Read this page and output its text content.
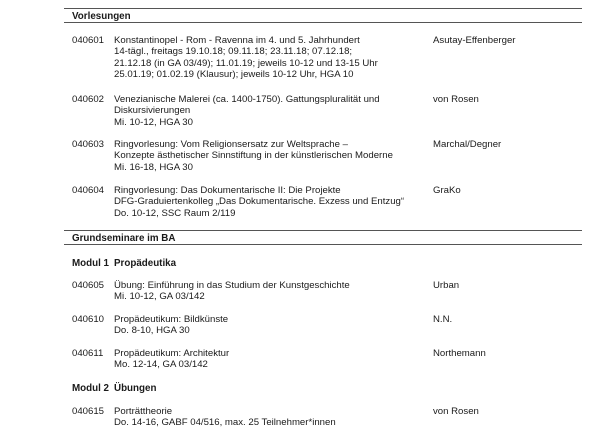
Vorlesungen
040601	Konstantinopel - Rom - Ravenna im 4. und 5. Jahrhundert
14-tägl., freitags 19.10.18; 09.11.18; 23.11.18; 07.12.18;
21.12.18 (in GA 03/49); 11.01.19; jeweils 10-12 und 13-15 Uhr
25.01.19; 01.02.19 (Klausur); jeweils 10-12 Uhr, HGA 10
Asutay-Effenberger
040602	Venezianische Malerei (ca. 1400-1750). Gattungspluralität und
Diskursivierungen
Mi. 10-12, HGA 30
von Rosen
040603	Ringvorlesung: Vom Religionsersatz zur Weltsprache –
Konzepte ästhetischer Sinnstiftung in der künstlerischen Moderne
Mi. 16-18, HGA 30
Marchal/Degner
040604	Ringvorlesung: Das Dokumentarische II: Die Projekte
DFG-Graduiertenkolleg „Das Dokumentarische. Exzess und Entzug“
Do. 10-12, SSC Raum 2/119
GraKo
Grundseminare im BA
Modul 1 Propädeutika
040605	Übung: Einführung in das Studium der Kunstgeschichte
Mi. 10-12, GA 03/142
Urban
040610	Propädeutikum: Bildkünste
Do. 8-10, HGA 30
N.N.
040611	Propädeutikum: Architektur
Mo. 12-14, GA 03/142
Northemann
Modul 2 Übungen
040615	Porträttheorie
Do. 14-16, GABF 04/516, max. 25 Teilnehmer*innen
von Rosen
